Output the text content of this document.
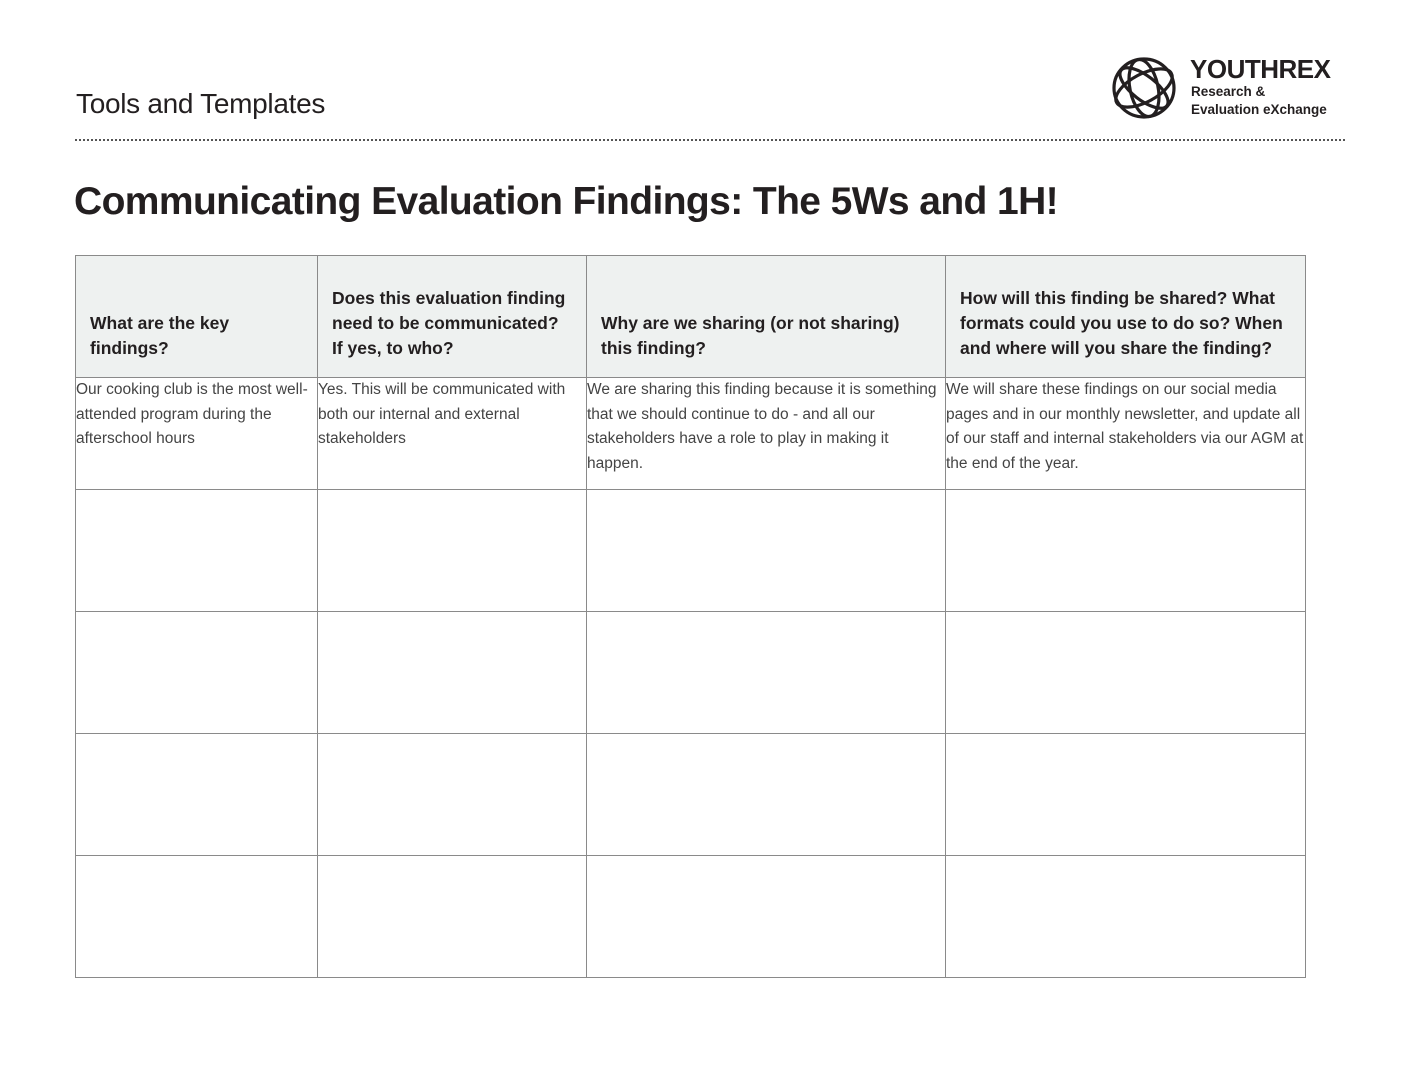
Tools and Templates
YOUTHREX
Research &
Evaluation eXchange
Communicating Evaluation Findings: The 5Ws and 1H!
What are the key findings?	Does this evaluation finding need to be communicated? If yes, to who?	Why are we sharing (or not sharing) this finding?	How will this finding be shared? What formats could you use to do so? When and where will you share the finding?

Our cooking club is the most well-attended program during the afterschool hours	Yes. This will be communicated with both our internal and external stakeholders	We are sharing this finding because it is something that we should continue to do - and all our stakeholders have a role to play in making it happen.	We will share these findings on our social media pages and in our monthly newsletter, and update all of our staff and internal stakeholders via our AGM at the end of the year.
